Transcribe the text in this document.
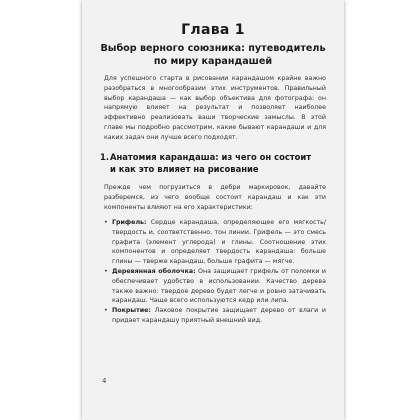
Глава 1
Выбор верного союзника: путеводитель
по миру карандашей

Для успешного старта в рисовании карандашом крайне важно разобраться в многообразии этих инструментов. Правильный выбор карандаша — как выбор объектива для фотографа: он напрямую влияет на результат и позволяет наиболее эффективно реализовать ваши творческие замыслы. В этой главе мы подробно рассмотрим, какие бывают карандаши и для каких задач они лучше всего подходят.

1.Анатомия карандаша: из чего он состоит
и как это влияет на рисование

Прежде чем погрузиться в дебри маркировок, давайте разберемся, из чего вообще состоит карандаш и как эти компоненты влияют на его характеристики:

• Грифель: Сердце карандаша, определяющее его мягкость/твердость и, соответственно, тон линии. Грифель — это смесь графита (элемент углерода) и глины. Соотношение этих компонентов и определяет твердость карандаша: больше глины — тверже карандаш, больше графита — мягче.
• Деревянная оболочка: Она защищает грифель от поломки и обеспечивает удобство в использовании. Качество дерева также важно: твердое дерево будет легче и ровно затачивать карандаш. Чаще всего используются кедр или липа.
• Покрытие: Лаковое покрытие защищает дерево от влаги и придает карандашу приятный внешний вид.
4
